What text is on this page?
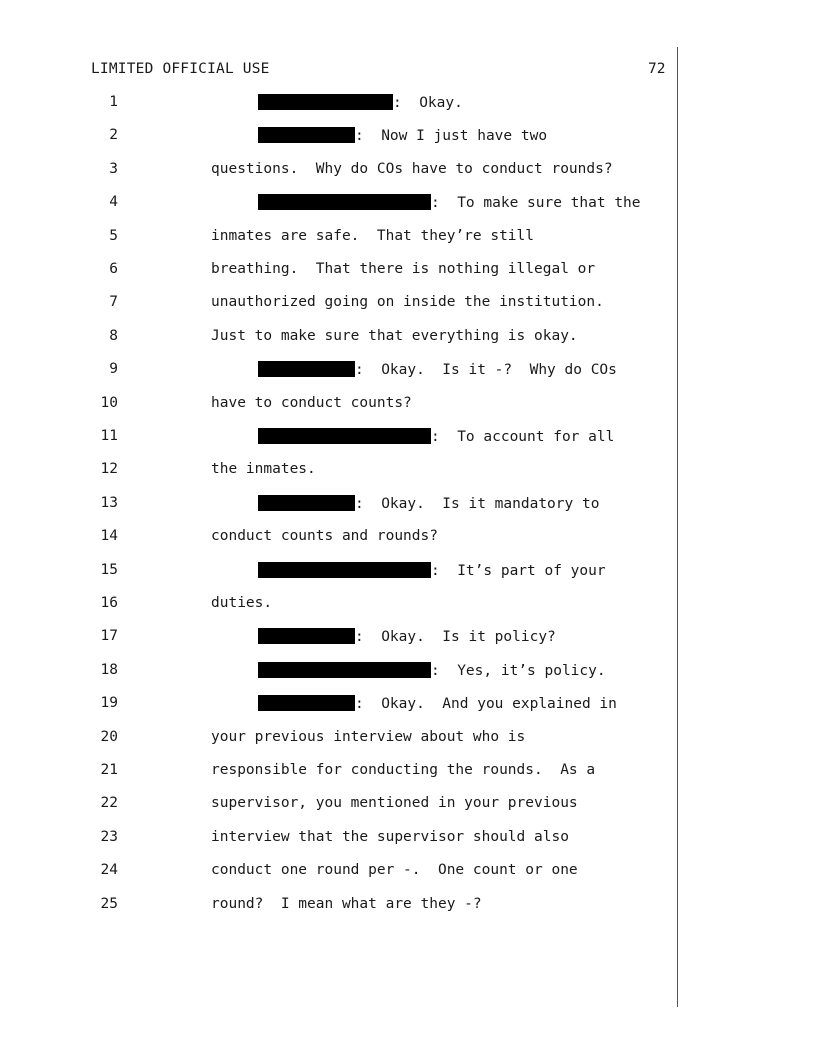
LIMITED OFFICIAL USE	72
1	:  Okay.
2	:  Now I just have two
3	questions.  Why do COs have to conduct rounds?
4	:  To make sure that the
5	inmates are safe.  That they’re still
6	breathing.  That there is nothing illegal or
7	unauthorized going on inside the institution.
8	Just to make sure that everything is okay.
9	:  Okay.  Is it -?  Why do COs
10	have to conduct counts?
11	:  To account for all
12	the inmates.
13	:  Okay.  Is it mandatory to
14	conduct counts and rounds?
15	:  It’s part of your
16	duties.
17	:  Okay.  Is it policy?
18	:  Yes, it’s policy.
19	:  Okay.  And you explained in
20	your previous interview about who is
21	responsible for conducting the rounds.  As a
22	supervisor, you mentioned in your previous
23	interview that the supervisor should also
24	conduct one round per -.  One count or one
25	round?  I mean what are they -?
